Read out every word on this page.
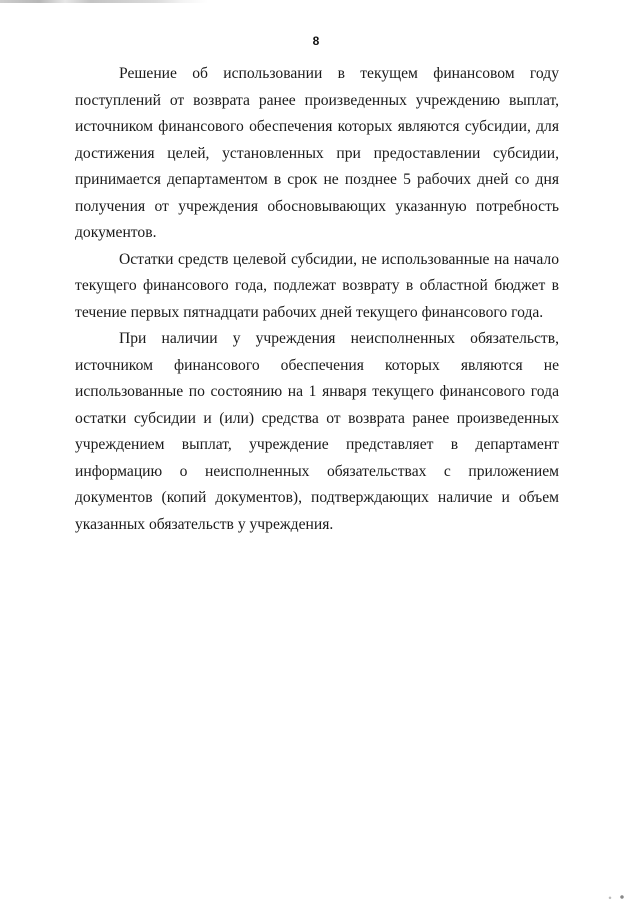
8

Решение об использовании в текущем финансовом году поступлений от возврата ранее произведенных учреждению выплат, источником финансового обеспечения которых являются субсидии, для достижения целей, установленных при предоставлении субсидии, принимается департаментом в срок не позднее 5 рабочих дней со дня получения от учреждения обосновывающих указанную потребность документов.

Остатки средств целевой субсидии, не использованные на начало текущего финансового года, подлежат возврату в областной бюджет в течение первых пятнадцати рабочих дней текущего финансового года.

При наличии у учреждения неисполненных обязательств, источником финансового обеспечения которых являются не использованные по состоянию на 1 января текущего финансового года остатки субсидии и (или) средства от возврата ранее произведенных учреждением выплат, учреждение представляет в департамент информацию о неисполненных обязательствах с приложением документов (копий документов), подтверждающих наличие и объем указанных обязательств у учреждения.
